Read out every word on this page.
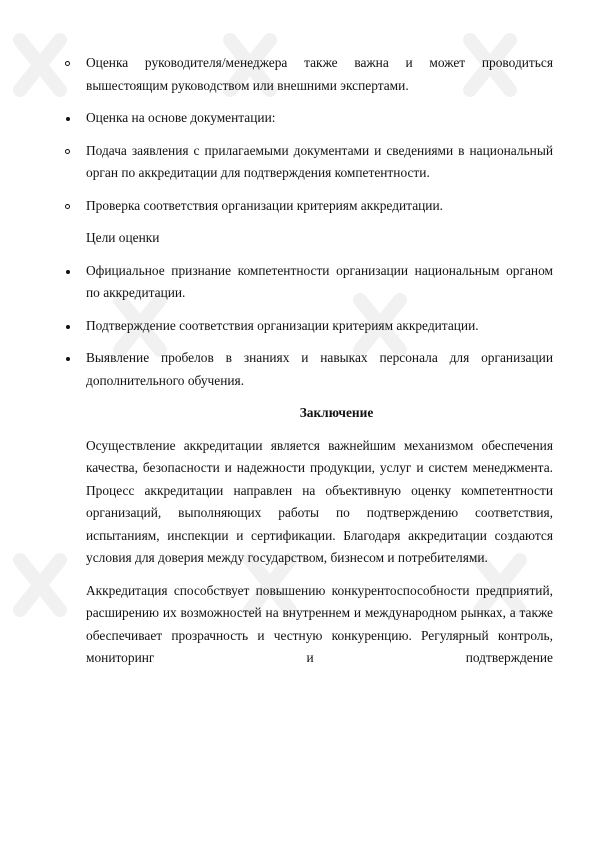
Оценка руководителя/менеджера также важна и может проводиться вышестоящим руководством или внешними экспертами.

Оценка на основе документации:

Подача заявления с прилагаемыми документами и сведениями в национальный орган по аккредитации для подтверждения компетентности.

Проверка соответствия организации критериям аккредитации.

Цели оценки

Официальное признание компетентности организации национальным органом по аккредитации.

Подтверждение соответствия организации критериям аккредитации.

Выявление пробелов в знаниях и навыках персонала для организации дополнительного обучения.

Заключение

Осуществление аккредитации является важнейшим механизмом обеспечения качества, безопасности и надежности продукции, услуг и систем менеджмента. Процесс аккредитации направлен на объективную оценку компетентности организаций, выполняющих работы по подтверждению соответствия, испытаниям, инспекции и сертификации. Благодаря аккредитации создаются условия для доверия между государством, бизнесом и потребителями.

Аккредитация способствует повышению конкурентоспособности предприятий, расширению их возможностей на внутреннем и международном рынках, а также обеспечивает прозрачность и честную конкуренцию. Регулярный контроль, мониторинг и подтверждение
